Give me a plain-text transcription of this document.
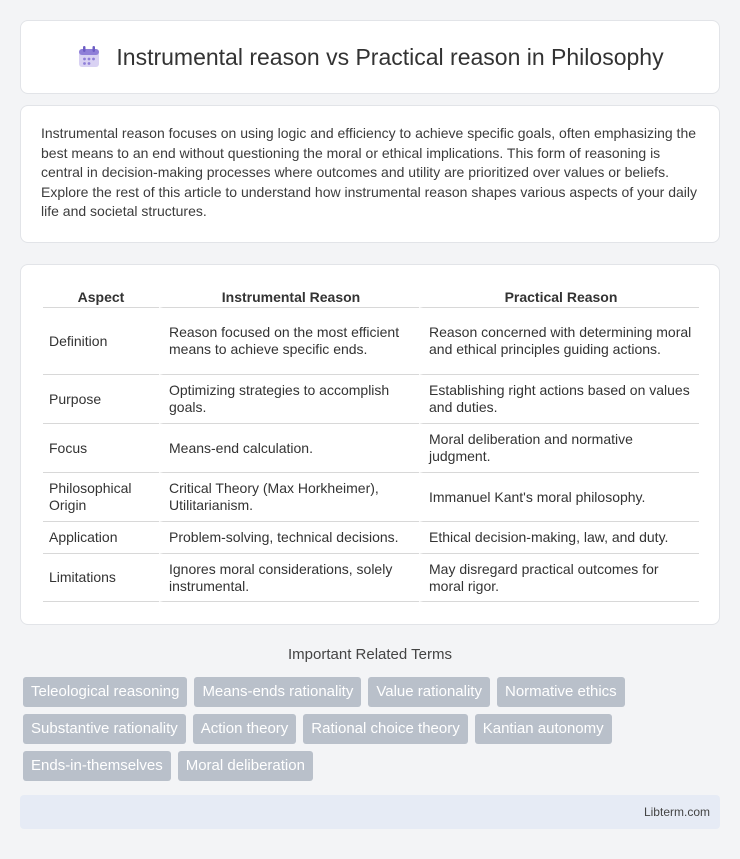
Instrumental reason vs Practical reason in Philosophy

Instrumental reason focuses on using logic and efficiency to achieve specific goals, often emphasizing the best means to an end without questioning the moral or ethical implications. This form of reasoning is central in decision-making processes where outcomes and utility are prioritized over values or beliefs. Explore the rest of this article to understand how instrumental reason shapes various aspects of your daily life and societal structures.

Aspect	Instrumental Reason	Practical Reason
Definition	Reason focused on the most efficient means to achieve specific ends.	Reason concerned with determining moral and ethical principles guiding actions.
Purpose	Optimizing strategies to accomplish goals.	Establishing right actions based on values and duties.
Focus	Means-end calculation.	Moral deliberation and normative judgment.
Philosophical Origin	Critical Theory (Max Horkheimer), Utilitarianism.	Immanuel Kant's moral philosophy.
Application	Problem-solving, technical decisions.	Ethical decision-making, law, and duty.
Limitations	Ignores moral considerations, solely instrumental.	May disregard practical outcomes for moral rigor.
Important Related Terms
Teleological reasoning	Means-ends rationality	Value rationality	Normative ethics
Substantive rationality	Action theory	Rational choice theory	Kantian autonomy
Ends-in-themselves	Moral deliberation
Libterm.com
